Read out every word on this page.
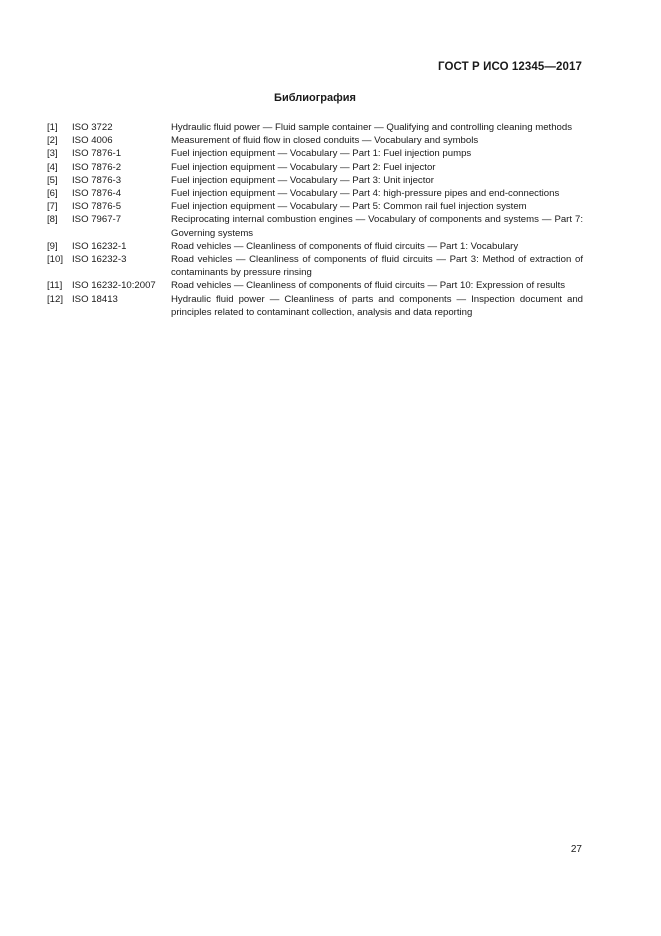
ГОСТ Р ИСО 12345—2017
Библиография
[1]	ISO 3722	Hydraulic fluid power — Fluid sample container — Qualifying and controlling cleaning methods
[2]	ISO 4006	Measurement of fluid flow in closed conduits — Vocabulary and symbols
[3]	ISO 7876-1	Fuel injection equipment — Vocabulary — Part 1: Fuel injection pumps
[4]	ISO 7876-2	Fuel injection equipment — Vocabulary — Part 2: Fuel injector
[5]	ISO 7876-3	Fuel injection equipment — Vocabulary — Part 3: Unit injector
[6]	ISO 7876-4	Fuel injection equipment — Vocabulary — Part 4: high-pressure pipes and end-connections
[7]	ISO 7876-5	Fuel injection equipment — Vocabulary — Part 5: Common rail fuel injection system
[8]	ISO 7967-7	Reciprocating internal combustion engines — Vocabulary of components and systems — Part 7: Governing systems
[9]	ISO 16232-1	Road vehicles — Cleanliness of components of fluid circuits — Part 1: Vocabulary
[10] ISO 16232-3	Road vehicles — Cleanliness of components of fluid circuits — Part 3: Method of extraction of contaminants by pressure rinsing
[11]	ISO 16232-10:2007	Road vehicles — Cleanliness of components of fluid circuits — Part 10: Expression of results
[12] ISO 18413	Hydraulic fluid power — Cleanliness of parts and components — Inspection document and principles related to contaminant collection, analysis and data reporting
27
